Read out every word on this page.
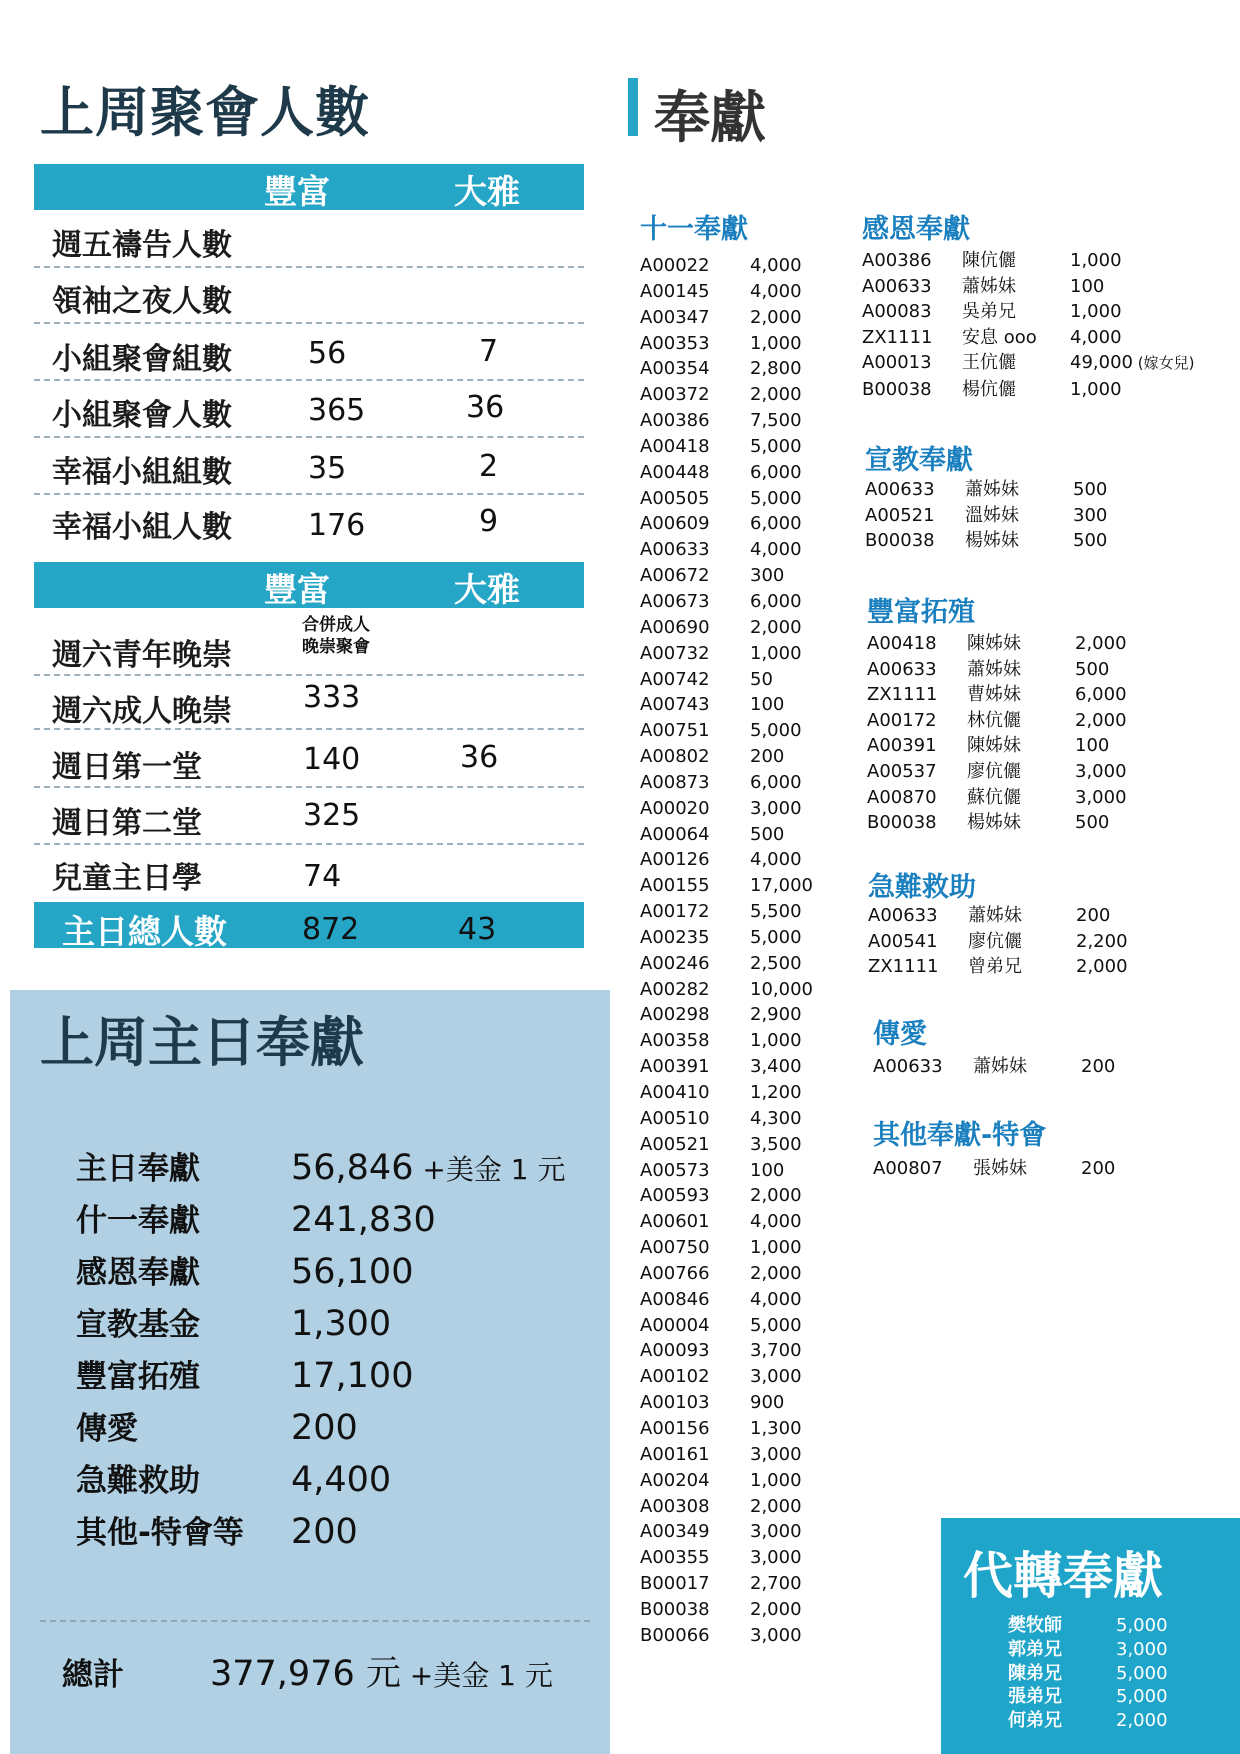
上周聚會人數
豐富	大雅
週五禱告人數
領袖之夜人數
小組聚會組數	56	7
小組聚會人數	365	36
幸福小組組數	35	2
幸福小組人數	176	9
豐富	大雅
週六青年晚崇
合併成人
晚崇聚會
週六成人晚崇 333
週日第一堂	140	36
週日第二堂	325
兒童主日學	74
主日總人數	872	43
上周主日奉獻
主日奉獻	56,846 +美金 1 元
什一奉獻	241,830
感恩奉獻	56,100
宣教基金	1,300
豐富拓殖	17,100
傳愛	200
急難救助	4,400
其他-特會等 200
總計 377,976 元 +美金 1 元
奉獻
十一奉獻
A00022 4,000
A00145 4,000
A00347 2,000
A00353 1,000
A00354 2,800
A00372 2,000
A00386 7,500
A00418 5,000
A00448 6,000
A00505 5,000
A00609 6,000
A00633 4,000
A00672 300
A00673 6,000
A00690 2,000
A00732 1,000
A00742 50
A00743 100
A00751 5,000
A00802 200
A00873 6,000
A00020 3,000
A00064 500
A00126 4,000
A00155 17,000
A00172 5,500
A00235 5,000
A00246 2,500
A00282 10,000
A00298 2,900
A00358 1,000
A00391 3,400
A00410 1,200
A00510 4,300
A00521 3,500
A00573 100
A00593 2,000
A00601 4,000
A00750 1,000
A00766 2,000
A00846 4,000
A00004 5,000
A00093 3,700
A00102 3,000
A00103 900
A00156 1,300
A00161 3,000
A00204 1,000
A00308 2,000
A00349 3,000
A00355 3,000
B00017 2,700
B00038 2,000
B00066 3,000
感恩奉獻
A00386 陳伉儷	1,000
A00633 蕭姊妹	100
A00083 吳弟兄	1,000
ZX1111 安息 ooo 4,000
A00013 王伉儷	49,000 (嫁女兒)
B00038 楊伉儷	1,000
宣教奉獻
A00633 蕭姊妹	500
A00521 溫姊妹	300
B00038 楊姊妹	500
豐富拓殖
A00418 陳姊妹	2,000
A00633 蕭姊妹	500
ZX1111 曹姊妹	6,000
A00172 林伉儷	2,000
A00391 陳姊妹	100
A00537 廖伉儷	3,000
A00870 蘇伉儷	3,000
B00038 楊姊妹	500
急難救助
A00633 蕭姊妹	200
A00541 廖伉儷	2,200
ZX1111 曾弟兄	2,000
傳愛
A00633 蕭姊妹	200
其他奉獻-特會
A00807 張姊妹	200
代轉奉獻
樊牧師	5,000
郭弟兄	3,000
陳弟兄	5,000
張弟兄	5,000
何弟兄	2,000
